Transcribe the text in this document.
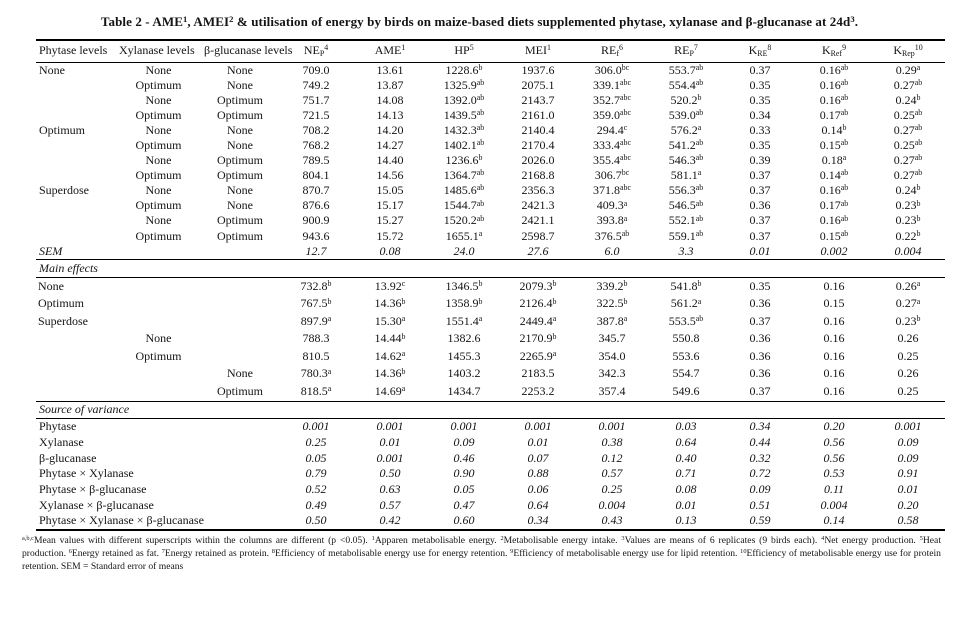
Table 2 - AME$^1$, AMEI$^2$ & utilisation of energy by birds on maize-based diets supplemented phytase, xylanase and β-glucanase at $24d^3$.
Phytase levels	Xylanase levels	β-glucanase levels	$NE_P^4$	AME$^1$	$HP^5$	MEI$^1$	$RE_f^6$	$RE_P^7$	$K_{RE}^8$	$K_{Ref}^9$	$K_{Rep}^{10}$
None	None	None	709.0	13.61	1228.6$^b$	1937.6	306.0$^{bc}$	553.7$^{ab}$	0.37	0.16$^{ab}$	0.29$^a$
	Optimum	None	749.2	13.87	1325.9$^{ab}$	2075.1	339.1$^{abc}$	554.4$^{ab}$	0.35	0.16$^{ab}$	0.27$^{ab}$
	None	Optimum	751.7	14.08	1392.0$^{ab}$	2143.7	352.7$^{abc}$	520.2$^b$	0.35	0.16$^{ab}$	0.24$^b$
	Optimum	Optimum	721.5	14.13	1439.5$^{ab}$	2161.0	359.0$^{abc}$	539.0$^{ab}$	0.34	0.17$^{ab}$	0.25$^{ab}$
Optimum	None	None	708.2	14.20	1432.3$^{ab}$	2140.4	294.4$^c$	576.2$^a$	0.33	0.14$^b$	0.27$^{ab}$
	Optimum	None	768.2	14.27	1402.1$^{ab}$	2170.4	333.4$^{abc}$	541.2$^{ab}$	0.35	0.15$^{ab}$	0.25$^{ab}$
	None	Optimum	789.5	14.40	1236.6$^b$	2026.0	355.4$^{abc}$	546.3$^{ab}$	0.39	0.18$^a$	0.27$^{ab}$
	Optimum	Optimum	804.1	14.56	1364.7$^{ab}$	2168.8	306.7$^{bc}$	581.1$^a$	0.37	0.14$^{ab}$	0.27$^{ab}$
Superdose	None	None	870.7	15.05	1485.6$^{ab}$	2356.3	371.8$^{abc}$	556.3$^{ab}$	0.37	0.16$^{ab}$	0.24$^b$
	Optimum	None	876.6	15.17	1544.7$^{ab}$	2421.3	409.3$^a$	546.5$^{ab}$	0.36	0.17$^{ab}$	0.23$^b$
	None	Optimum	900.9	15.27	1520.2$^{ab}$	2421.1	393.8$^a$	552.1$^{ab}$	0.37	0.16$^{ab}$	0.23$^b$
	Optimum	Optimum	943.6	15.72	1655.1$^a$	2598.7	376.5$^{ab}$	559.1$^{ab}$	0.37	0.15$^{ab}$	0.22$^b$
SEM			12.7	0.08	24.0	27.6	6.0	3.3	0.01	0.002	0.004
Main effects											
None			732.8$^b$	13.92$^c$	1346.5$^b$	2079.3$^b$	339.2$^b$	541.8$^b$	0.35	0.16	0.26$^a$
Optimum			767.5$^b$	14.36$^b$	1358.9$^b$	2126.4$^b$	322.5$^b$	561.2$^a$	0.36	0.15	0.27$^a$
Superdose			897.9$^a$	15.30$^a$	1551.4$^a$	2449.4$^a$	387.8$^a$	553.5$^{ab}$	0.37	0.16	0.23$^b$
	None		788.3	14.44$^b$	1382.6	2170.9$^b$	345.7	550.8	0.36	0.16	0.26
	Optimum		810.5	14.62$^a$	1455.3	2265.9$^a$	354.0	553.6	0.36	0.16	0.25
		None	780.3$^a$	14.36$^b$	1403.2	2183.5	342.3	554.7	0.36	0.16	0.26
		Optimum	818.5$^a$	14.69$^a$	1434.7	2253.2	357.4	549.6	0.37	0.16	0.25
Source of variance											
Phytase			0.001	0.001	0.001	0.001	0.001	0.03	0.34	0.20	0.001
Xylanase			0.25	0.01	0.09	0.01	0.38	0.64	0.44	0.56	0.09
β-glucanase			0.05	0.001	0.46	0.07	0.12	0.40	0.32	0.56	0.09
Phytase × Xylanase			0.79	0.50	0.90	0.88	0.57	0.71	0.72	0.53	0.91
Phytase × β-glucanase			0.52	0.63	0.05	0.06	0.25	0.08	0.09	0.11	0.01
Xylanase × β-glucanase			0.49	0.57	0.47	0.64	0.004	0.01	0.51	0.004	0.20
Phytase × Xylanase × β-glucanase			0.50	0.42	0.60	0.34	0.43	0.13	0.59	0.14	0.58
$^{a,b,c}$Mean values with different superscripts within the columns are different (p <0.05). $^1$Apparen metabolisable energy. $^2$Metabolisable energy intake. $^3$Values are means of 6 replicates (9 birds each). $^4$Net energy production. $^5$Heat production. $^6$Energy retained as fat. $^7$Energy retained as protein. $^8$Efficiency of metabolisable energy use for energy retention. $^9$Efficiency of metabolisable energy use for lipid retention. $^{10}$Efficiency of metabolisable energy use for protein retention. SEM = Standard error of means
